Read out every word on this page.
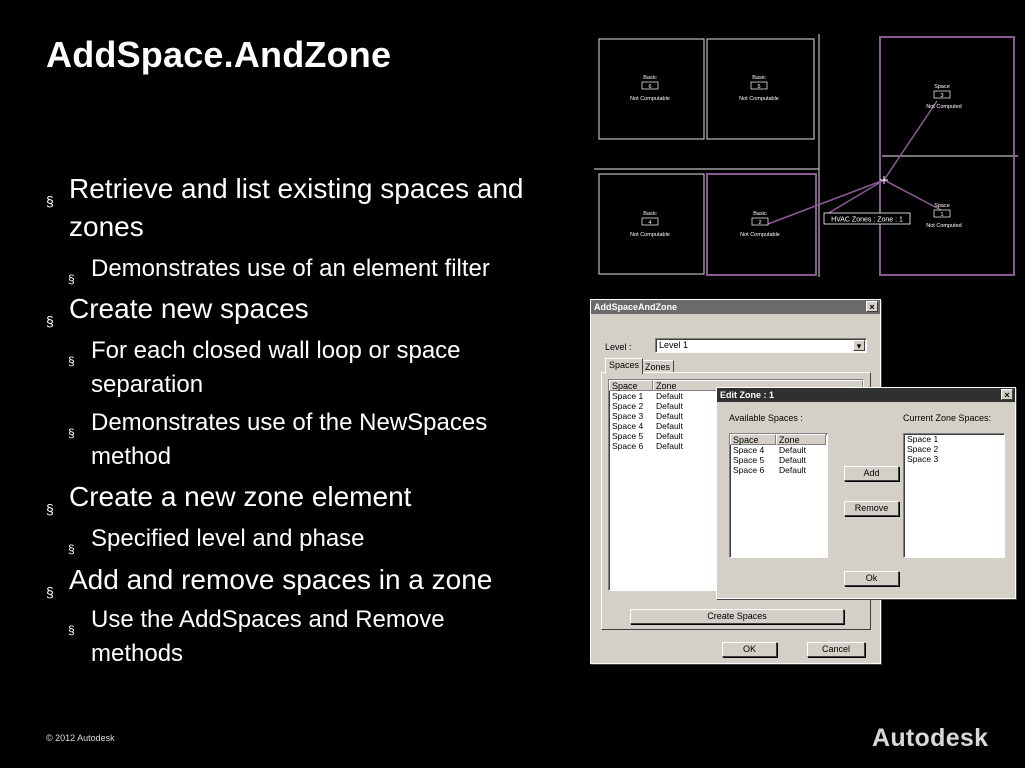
AddSpace.AndZone
§ Retrieve and list existing spaces and zones
§ Demonstrates use of an element filter
§ Create new spaces
§ For each closed wall loop or space separation
§ Demonstrates use of the NewSpaces method
§ Create a new zone element
§ Specified level and phase
§ Add and remove spaces in a zone
§ Use the AddSpaces and Remove methods
© 2012 Autodesk	Autodesk
Basic
6
Not Computable
Basic
5
Not Computable
Basic
4
Not Computable
Basic
2
Not Computable
Space
3
Not Computed
Space
1
Not Computed
HVAC Zones : Zone : 1
AddSpaceAndZone	×
Level :	Level 1	▾
Spaces Zones
Space	Zone
Space 1	Default
Space 2	Default
Space 3	Default
Space 4	Default
Space 5	Default
Space 6	Default
Create Spaces
OK	Cancel
Edit Zone : 1	×
Available Spaces :	Current Zone Spaces:
Space	Zone
Space 4	Default
Space 5	Default
Space 6	Default	Add
Remove
Space 1
Space 2
Space 3
Ok
